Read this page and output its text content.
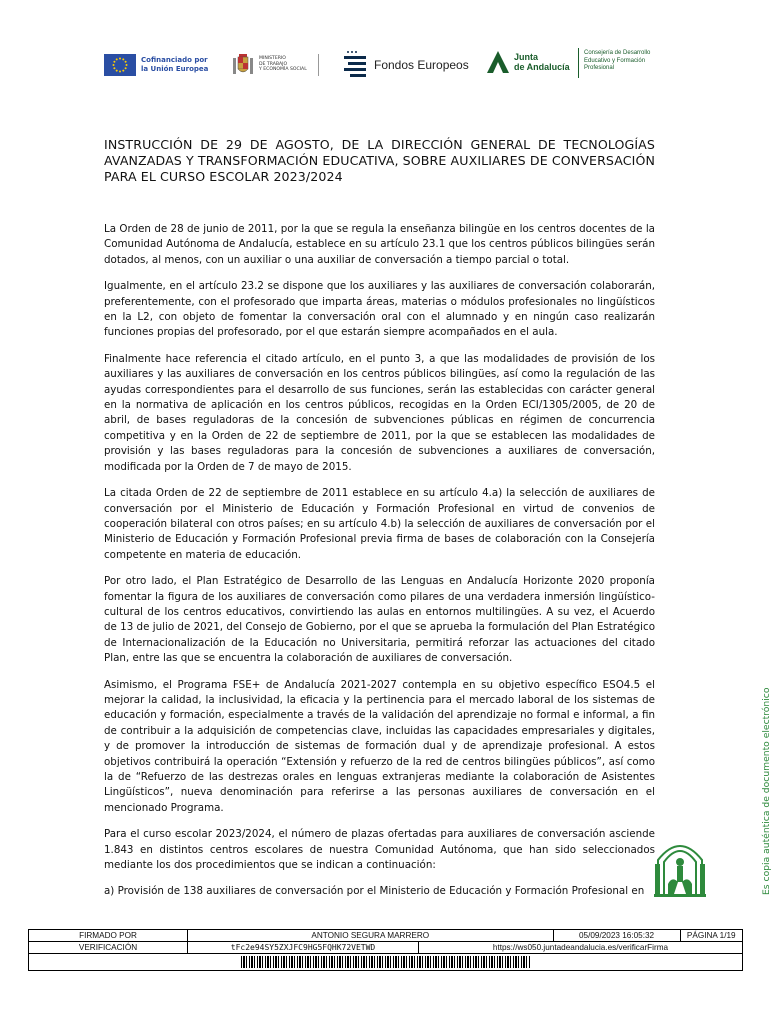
Cofinanciado por
la Unión Europea
MINISTERIO
DE TRABAJO
Y ECONOMÍA SOCIAL	Fondos Europeos
Junta
de Andalucía
Consejería de Desarrollo
Educativo y Formación
Profesional
INSTRUCCIÓN DE 29 DE AGOSTO, DE LA DIRECCIÓN GENERAL DE TECNOLOGÍAS AVANZADAS Y TRANSFORMACIÓN EDUCATIVA, SOBRE AUXILIARES DE CONVERSACIÓN PARA EL CURSO ESCOLAR 2023/2024

La Orden de 28 de junio de 2011, por la que se regula la enseñanza bilingüe en los centros docentes de la Comunidad Autónoma de Andalucía, establece en su artículo 23.1 que los centros públicos bilingües serán dotados, al menos, con un auxiliar o una auxiliar de conversación a tiempo parcial o total.

Igualmente, en el artículo 23.2 se dispone que los auxiliares y las auxiliares de conversación colaborarán, preferentemente, con el profesorado que imparta áreas, materias o módulos profesionales no lingüísticos en la L2, con objeto de fomentar la conversación oral con el alumnado y en ningún caso realizarán funciones propias del profesorado, por el que estarán siempre acompañados en el aula.

Finalmente hace referencia el citado artículo, en el punto 3, a que las modalidades de provisión de los auxiliares y las auxiliares de conversación en los centros públicos bilingües, así como la regulación de las ayudas correspondientes para el desarrollo de sus funciones, serán las establecidas con carácter general en la normativa de aplicación en los centros públicos, recogidas en la Orden ECI/1305/2005, de 20 de abril, de bases reguladoras de la concesión de subvenciones públicas en régimen de concurrencia competitiva y en la Orden de 22 de septiembre de 2011, por la que se establecen las modalidades de provisión y las bases reguladoras para la concesión de subvenciones a auxiliares de conversación, modificada por la Orden de 7 de mayo de 2015.

La citada Orden de 22 de septiembre de 2011 establece en su artículo 4.a) la selección de auxiliares de conversación por el Ministerio de Educación y Formación Profesional en virtud de convenios de cooperación bilateral con otros países; en su artículo 4.b) la selección de auxiliares de conversación por el Ministerio de Educación y Formación Profesional previa firma de bases de colaboración con la Consejería competente en materia de educación.

Por otro lado, el Plan Estratégico de Desarrollo de las Lenguas en Andalucía Horizonte 2020 proponía fomentar la figura de los auxiliares de conversación como pilares de una verdadera inmersión lingüístico-cultural de los centros educativos, convirtiendo las aulas en entornos multilingües. A su vez, el Acuerdo de 13 de julio de 2021, del Consejo de Gobierno, por el que se aprueba la formulación del Plan Estratégico de Internacionalización de la Educación no Universitaria, permitirá reforzar las actuaciones del citado Plan, entre las que se encuentra la colaboración de auxiliares de conversación.

Asimismo, el Programa FSE+ de Andalucía 2021-2027 contempla en su objetivo específico ESO4.5 el mejorar la calidad, la inclusividad, la eficacia y la pertinencia para el mercado laboral de los sistemas de educación y formación, especialmente a través de la validación del aprendizaje no formal e informal, a fin de contribuir a la adquisición de competencias clave, incluidas las capacidades empresariales y digitales, y de promover la introducción de sistemas de formación dual y de aprendizaje profesional. A estos objetivos contribuirá la operación “Extensión y refuerzo de la red de centros bilingües públicos”, así como la de “Refuerzo de las destrezas orales en lenguas extranjeras mediante la colaboración de Asistentes Lingüísticos”, nueva denominación para referirse a las personas auxiliares de conversación en el mencionado Programa.

Para el curso escolar 2023/2024, el número de plazas ofertadas para auxiliares de conversación asciende 1.843 en distintos centros escolares de nuestra Comunidad Autónoma, que han sido seleccionados mediante los dos procedimientos que se indican a continuación:

a) Provisión de 138 auxiliares de conversación por el Ministerio de Educación y Formación Profesional en	Es copia auténtica de documento electrónico
FIRMADO POR	ANTONIO SEGURA MARRERO		05/09/2023 16:05:32	PÁGINA 1/19
VERIFICACIÓN	tFc2e94SY5ZXJFC9HG5FQHK72VETWD	https://ws050.juntadeandalucia.es/verificarFirma		
